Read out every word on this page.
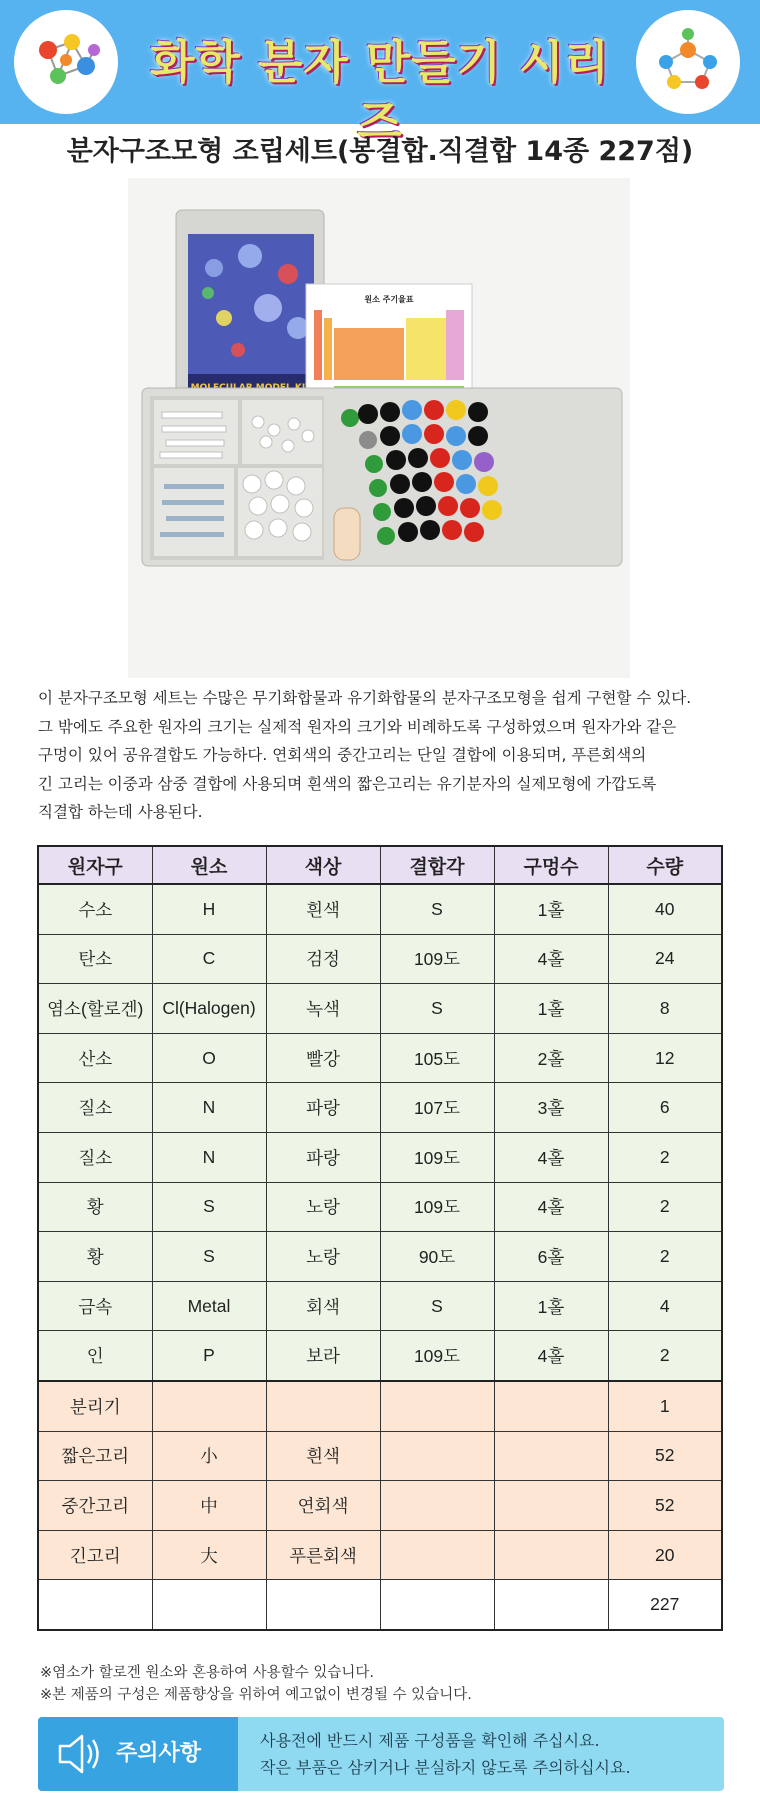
화학 분자 만들기 시리즈
분자구조모형 조립세트(봉결합.직결합 14종 227점)
원소 주기율표

이 분자구조모형 세트는 수많은 무기화합물과 유기화합물의 분자구조모형을 쉽게 구현할 수 있다.

그 밖에도 주요한 원자의 크기는 실제적 원자의 크기와 비례하도록 구성하였으며 원자가와 같은

구멍이 있어 공유결합도 가능하다. 연회색의 중간고리는 단일 결합에 이용되며, 푸른회색의

긴 고리는 이중과 삼중 결합에 사용되며 흰색의 짧은고리는 유기분자의 실제모형에 가깝도록

직결합 하는데 사용된다.

원자구	원소	색상	결합각	구멍수	수량
수소	H	흰색	S	1홀	40
탄소	C	검정	109도	4홀	24
염소(할로겐)	Cl(Halogen)	녹색	S	1홀	8
산소	O	빨강	105도	2홀	12
질소	N	파랑	107도	3홀	6
질소	N	파랑	109도	4홀	2
황	S	노랑	109도	4홀	2
황	S	노랑	90도	6홀	2
금속	Metal	회색	S	1홀	4
인	P	보라	109도	4홀	2
분리기					1
짧은고리	小	흰색			52
중간고리	中	연회색			52
긴고리	大	푸른회색			20
					227
※염소가 할로겐 원소와 혼용하여 사용할수 있습니다.
※본 제품의 구성은 제품향상을 위하여 예고없이 변경될 수 있습니다.
주의사항
사용전에 반드시 제품 구성품을 확인해 주십시요.
작은 부품은 삼키거나 분실하지 않도록 주의하십시요.
